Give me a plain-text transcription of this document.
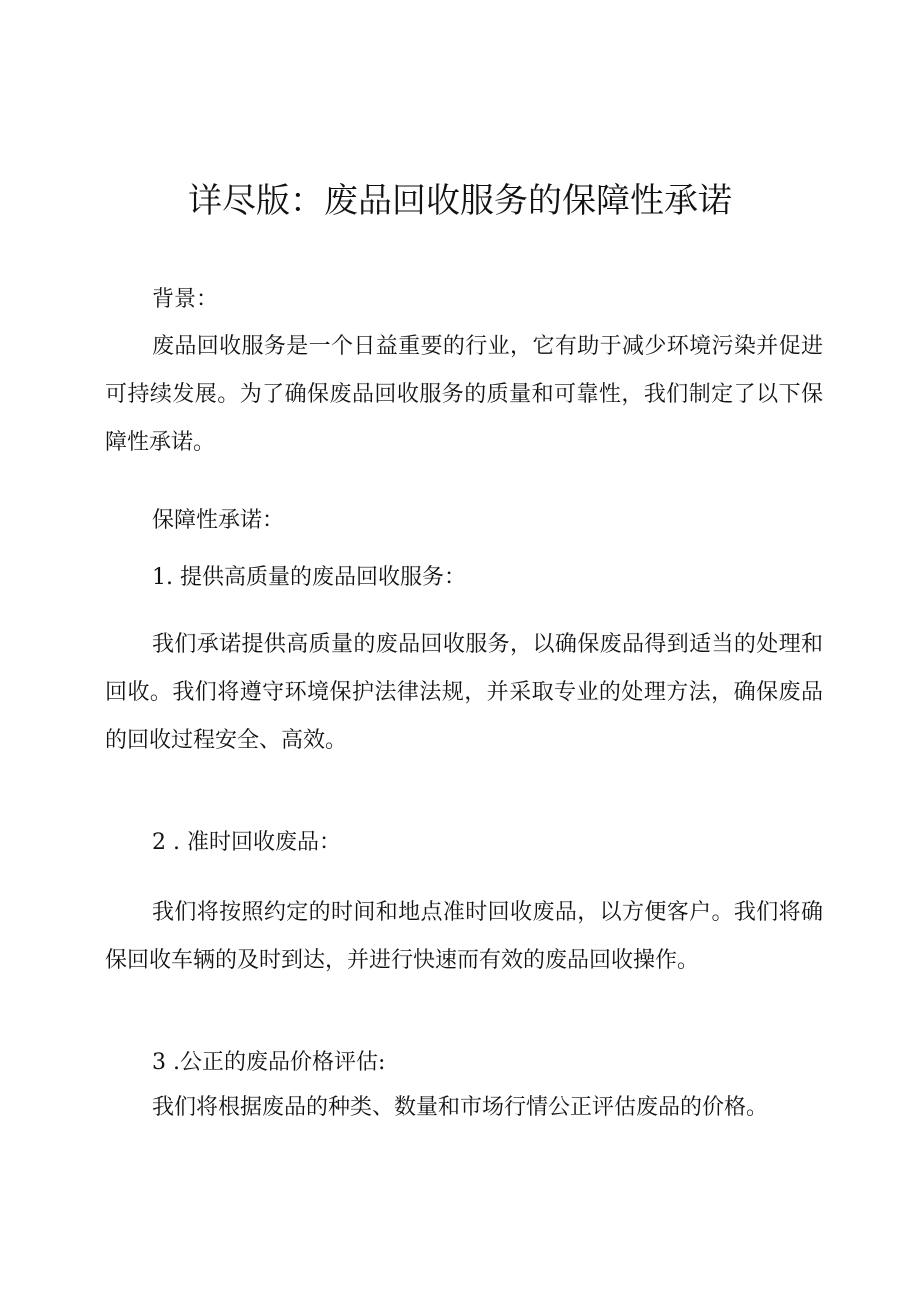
详尽版：废品回收服务的保障性承诺

背景：

废品回收服务是一个日益重要的行业，它有助于减少环境污染并促进可持续发展。为了确保废品回收服务的质量和可靠性，我们制定了以下保障性承诺。

保障性承诺：

1. 提供高质量的废品回收服务：

我们承诺提供高质量的废品回收服务，以确保废品得到适当的处理和回收。我们将遵守环境保护法律法规，并采取专业的处理方法，确保废品的回收过程安全、高效。

2 . 准时回收废品：

我们将按照约定的时间和地点准时回收废品，以方便客户。我们将确保回收车辆的及时到达，并进行快速而有效的废品回收操作。

3 .公正的废品价格评估:

我们将根据废品的种类、数量和市场行情公正评估废品的价格。
